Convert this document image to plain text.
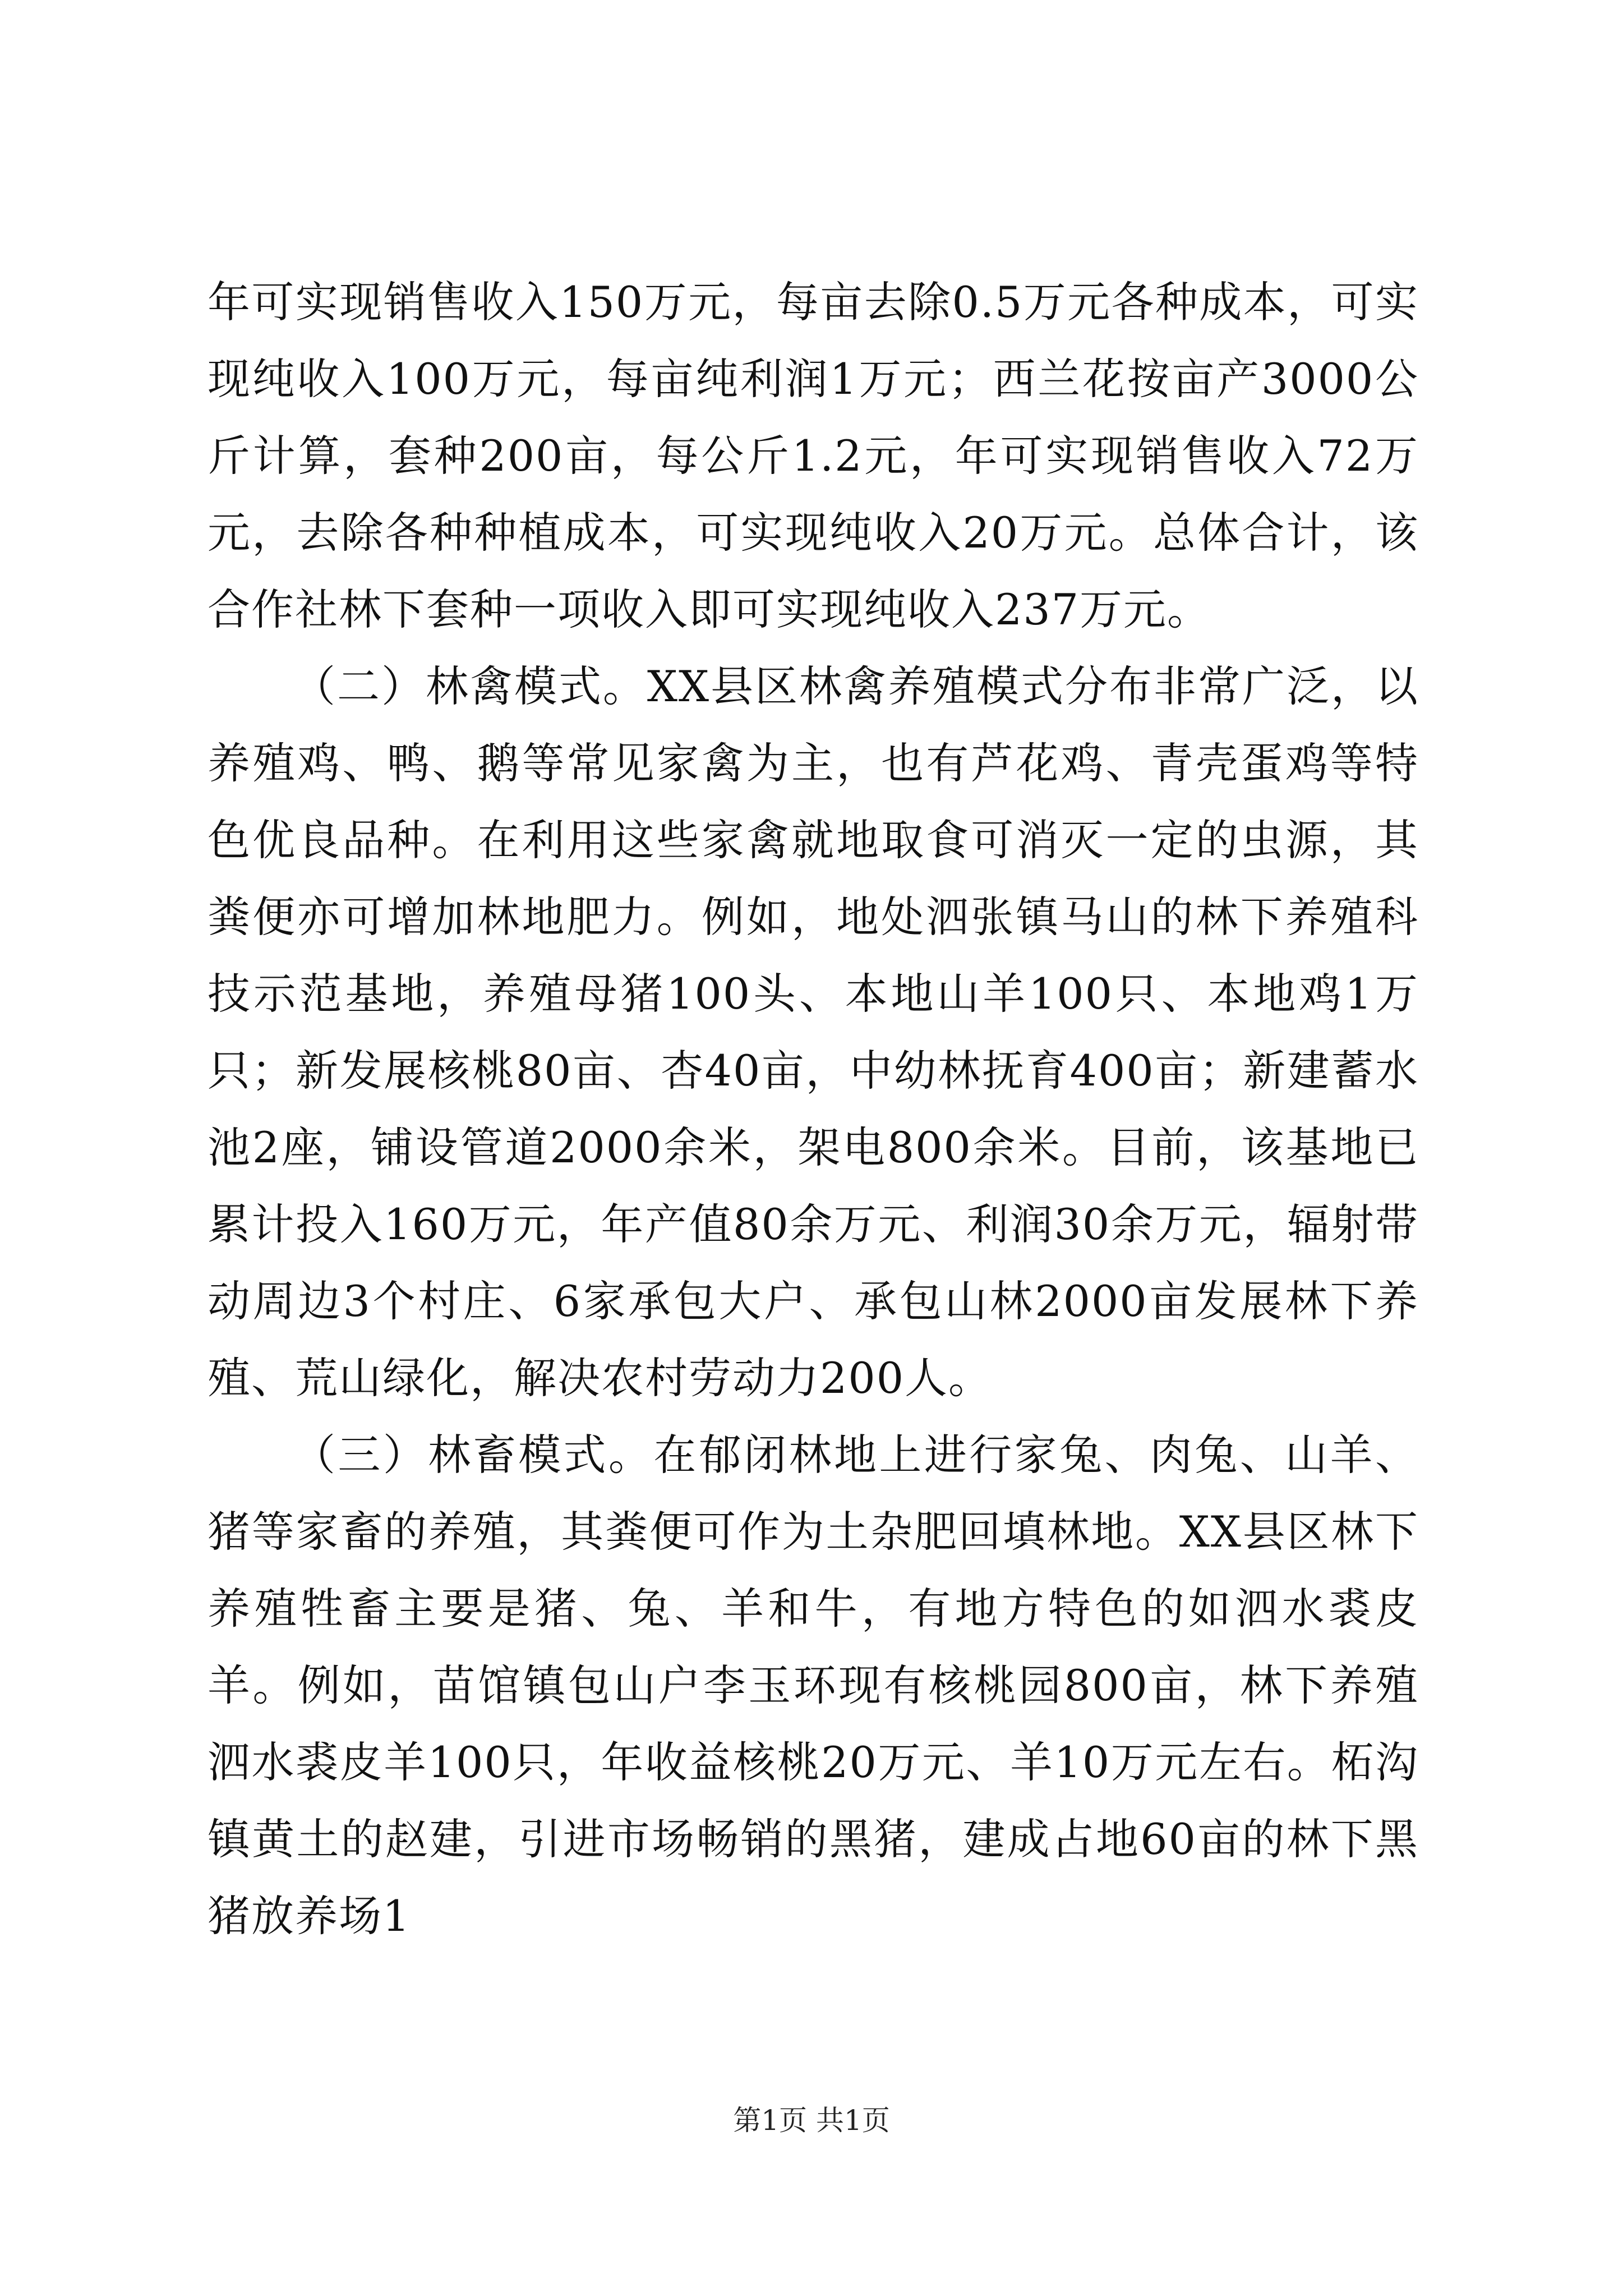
年可实现销售收入150万元，每亩去除0.5万元各种成本，可实现纯收入100万元，每亩纯利润1万元；西兰花按亩产3000公斤计算，套种200亩，每公斤1.2元，年可实现销售收入72万元，去除各种种植成本，可实现纯收入20万元。总体合计，该合作社林下套种一项收入即可实现纯收入237万元。

（二）林禽模式。XX县区林禽养殖模式分布非常广泛，以养殖鸡、鸭、鹅等常见家禽为主，也有芦花鸡、青壳蛋鸡等特色优良品种。在利用这些家禽就地取食可消灭一定的虫源，其粪便亦可增加林地肥力。例如，地处泗张镇马山的林下养殖科技示范基地，养殖母猪100头、本地山羊100只、本地鸡1万只；新发展核桃80亩、杏40亩，中幼林抚育400亩；新建蓄水池2座，铺设管道2000余米，架电800余米。目前，该基地已累计投入160万元，年产值80余万元、利润30余万元，辐射带动周边3个村庄、6家承包大户、承包山林2000亩发展林下养殖、荒山绿化，解决农村劳动力200人。

（三）林畜模式。在郁闭林地上进行家兔、肉兔、山羊、猪等家畜的养殖，其粪便可作为土杂肥回填林地。XX县区林下养殖牲畜主要是猪、兔、羊和牛，有地方特色的如泗水裘皮羊。例如，苗馆镇包山户李玉环现有核桃园800亩，林下养殖泗水裘皮羊100只，年收益核桃20万元、羊10万元左右。柘沟镇黄土的赵建，引进市场畅销的黑猪，建成占地60亩的林下黑猪放养场1

第1页 共1页
